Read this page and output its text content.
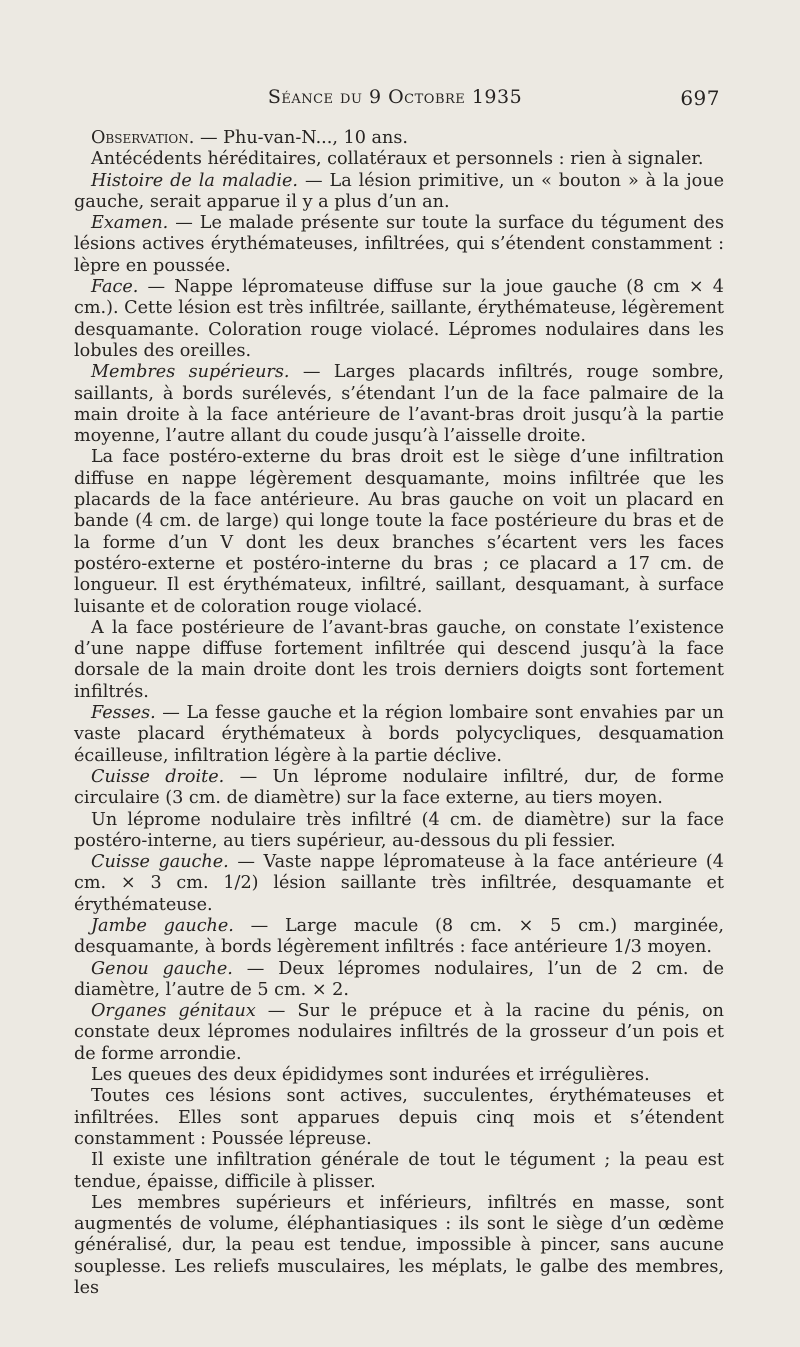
Séance du 9 Octobre 1935	697

Observation. — Phu-van-N..., 10 ans.

Antécédents héréditaires, collatéraux et personnels : rien à signaler.

Histoire de la maladie. — La lésion primitive, un « bouton » à la joue gauche, serait apparue il y a plus d’un an.

Examen. — Le malade présente sur toute la surface du tégument des lésions actives érythémateuses, infiltrées, qui s’étendent constamment : lèpre en poussée.

Face. — Nappe lépromateuse diffuse sur la joue gauche (8 cm × 4 cm.). Cette lésion est très infiltrée, saillante, érythémateuse, légèrement desquamante. Coloration rouge violacé. Lépromes nodulaires dans les lobules des oreilles.

Membres supérieurs. — Larges placards infiltrés, rouge sombre, saillants, à bords surélevés, s’étendant l’un de la face palmaire de la main droite à la face antérieure de l’avant-bras droit jusqu’à la partie moyenne, l’autre allant du coude jusqu’à l’aisselle droite.

La face postéro-externe du bras droit est le siège d’une infiltration diffuse en nappe légèrement desquamante, moins infiltrée que les placards de la face antérieure. Au bras gauche on voit un placard en bande (4 cm. de large) qui longe toute la face postérieure du bras et de la forme d’un V dont les deux branches s’écartent vers les faces postéro-externe et postéro-interne du bras ; ce placard a 17 cm. de longueur. Il est érythémateux, infiltré, saillant, desquamant, à surface luisante et de coloration rouge violacé.

A la face postérieure de l’avant-bras gauche, on constate l’existence d’une nappe diffuse fortement infiltrée qui descend jusqu’à la face dorsale de la main droite dont les trois derniers doigts sont fortement infiltrés.

Fesses. — La fesse gauche et la région lombaire sont envahies par un vaste placard érythémateux à bords polycycliques, desquamation écailleuse, infiltration légère à la partie déclive.

Cuisse droite. — Un léprome nodulaire infiltré, dur, de forme circulaire (3 cm. de diamètre) sur la face externe, au tiers moyen.

Un léprome nodulaire très infiltré (4 cm. de diamètre) sur la face postéro-interne, au tiers supérieur, au-dessous du pli fessier.

Cuisse gauche. — Vaste nappe lépromateuse à la face antérieure (4 cm. × 3 cm. 1/2) lésion saillante très infiltrée, desquamante et érythémateuse.

Jambe gauche. — Large macule (8 cm. × 5 cm.) marginée, desquamante, à bords légèrement infiltrés : face antérieure 1/3 moyen.

Genou gauche. — Deux lépromes nodulaires, l’un de 2 cm. de diamètre, l’autre de 5 cm. × 2.

Organes génitaux — Sur le prépuce et à la racine du pénis, on constate deux lépromes nodulaires infiltrés de la grosseur d’un pois et de forme arrondie.

Les queues des deux épididymes sont indurées et irrégulières.

Toutes ces lésions sont actives, succulentes, érythémateuses et infiltrées. Elles sont apparues depuis cinq mois et s’étendent constamment : Poussée lépreuse.

Il existe une infiltration générale de tout le tégument ; la peau est tendue, épaisse, difficile à plisser.

Les membres supérieurs et inférieurs, infiltrés en masse, sont augmentés de volume, éléphantiasiques : ils sont le siège d’un œdème généralisé, dur, la peau est tendue, impossible à pincer, sans aucune souplesse. Les reliefs musculaires, les méplats, le galbe des membres, les
